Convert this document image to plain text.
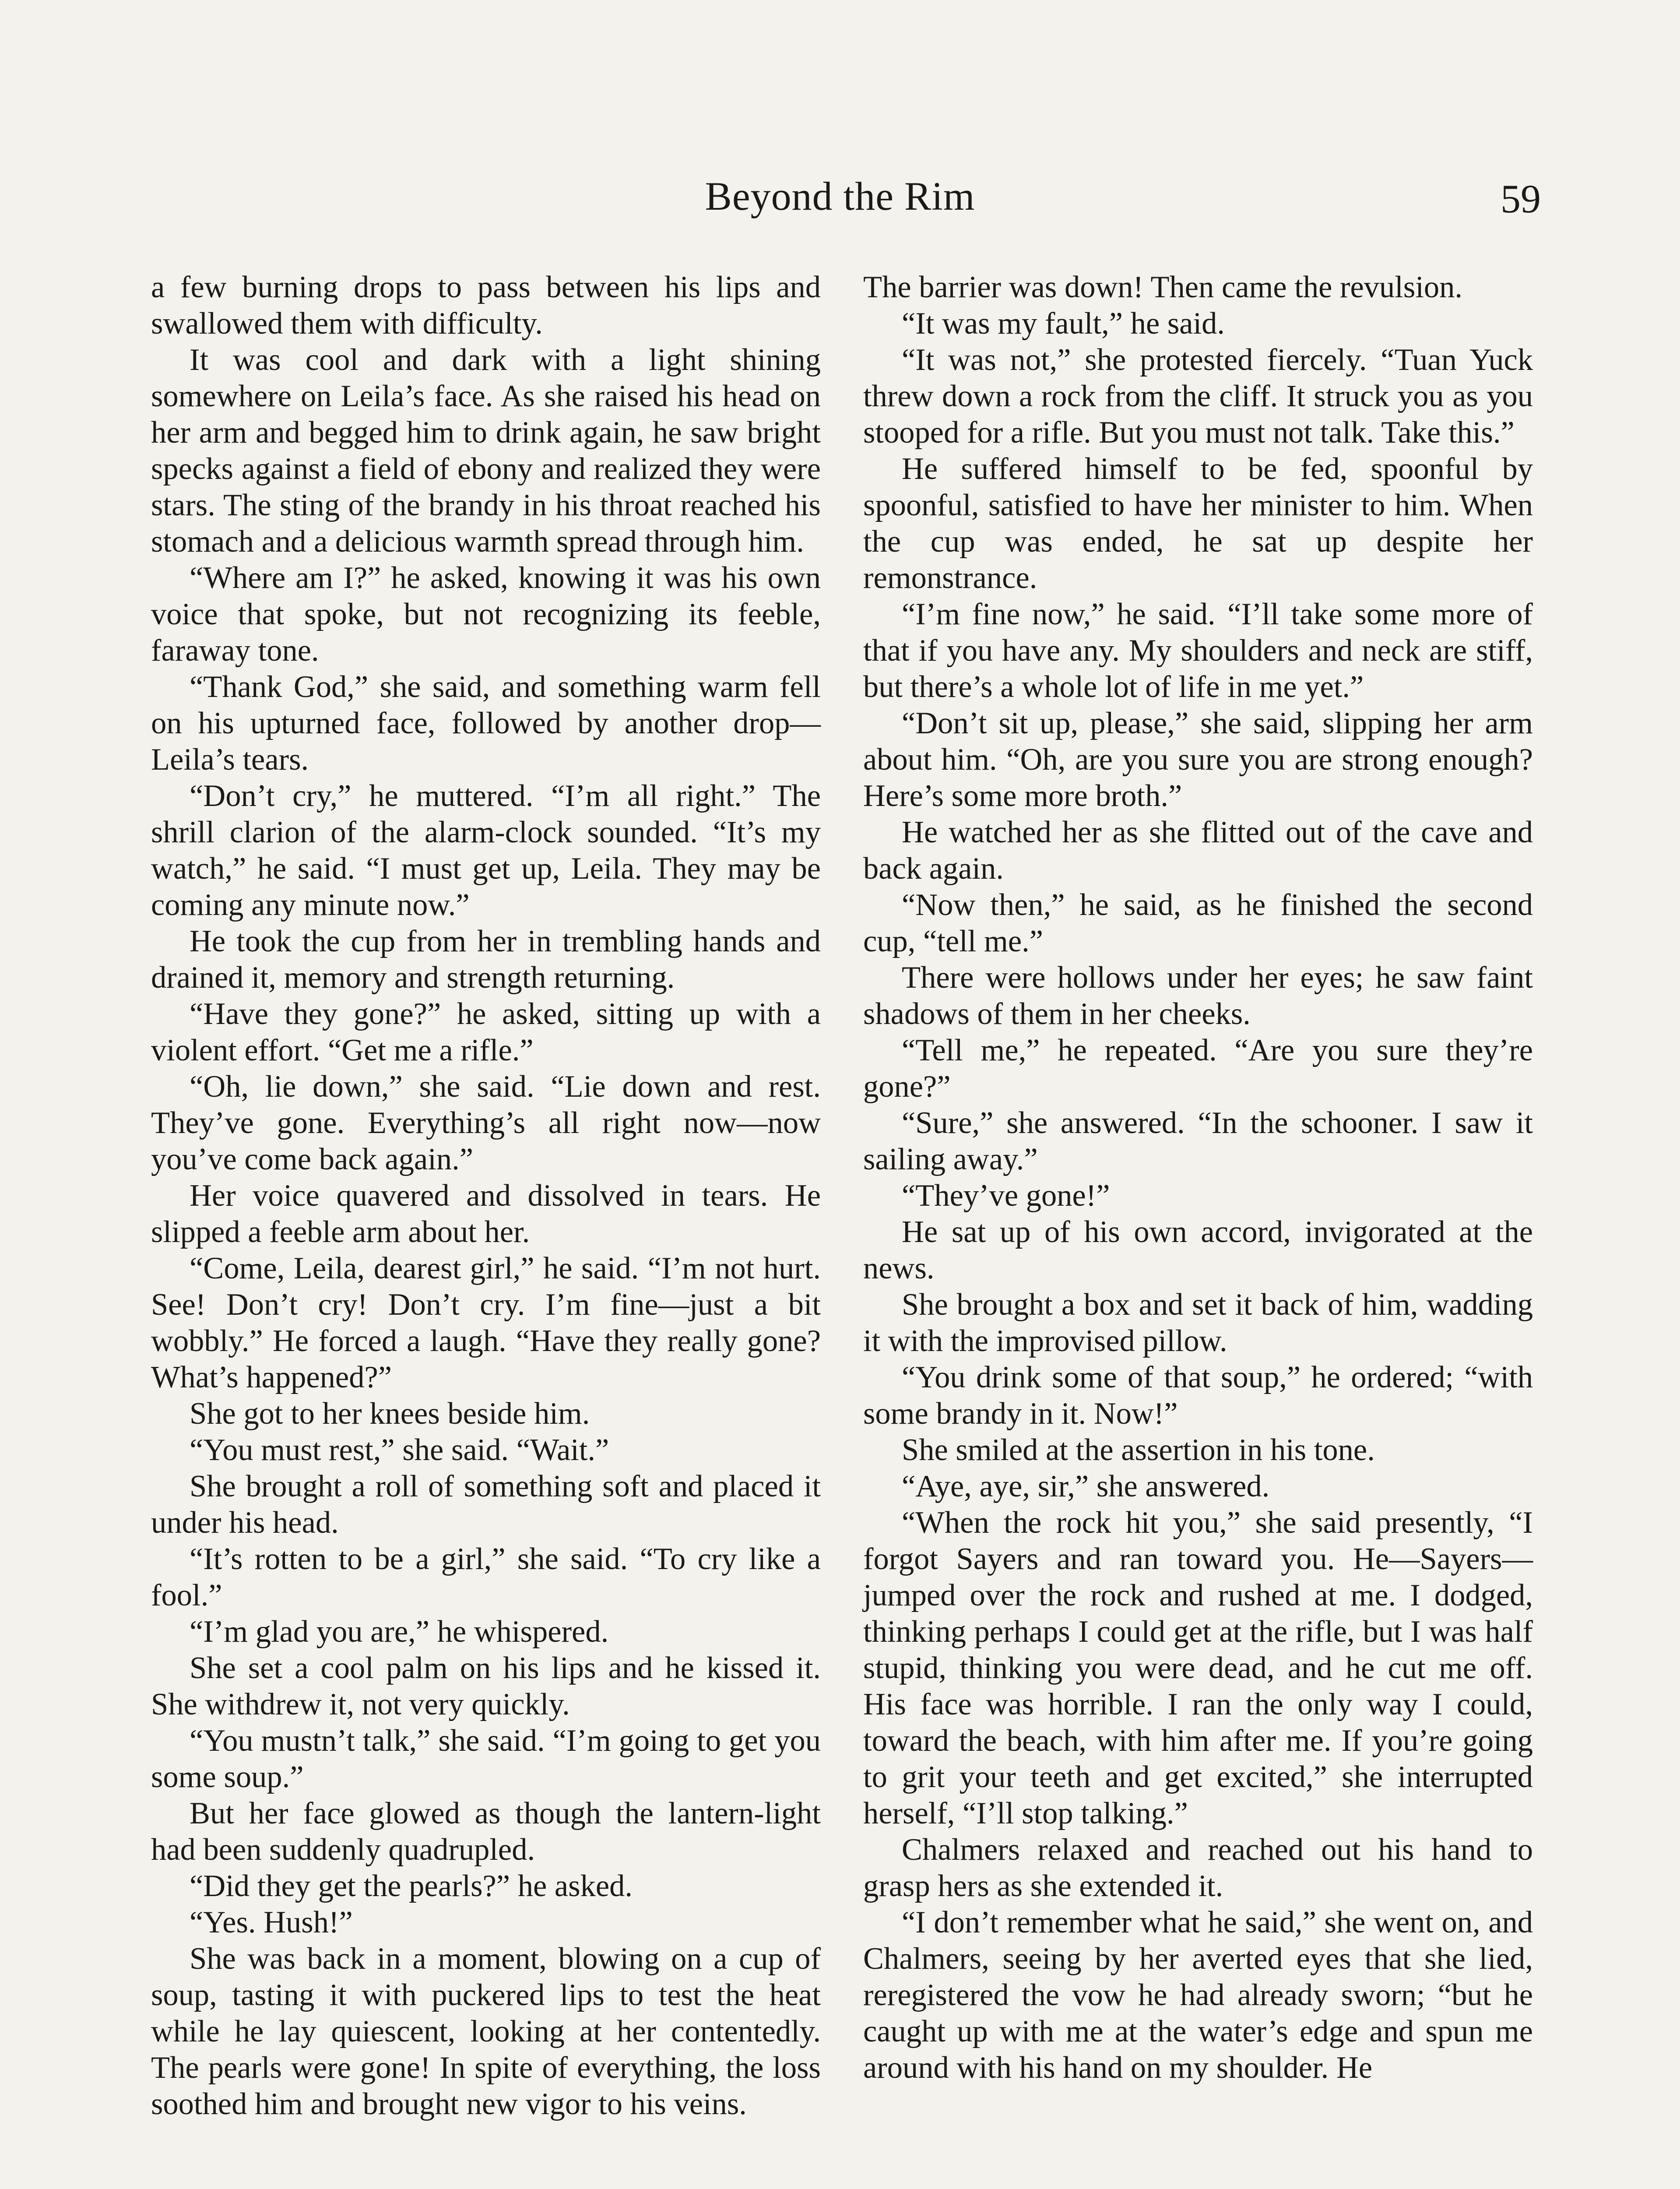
Beyond the Rim	59

a few burning drops to pass between his lips and swallowed them with difficulty.

It was cool and dark with a light shining somewhere on Leila’s face. As she raised his head on her arm and begged him to drink again, he saw bright specks against a field of ebony and realized they were stars. The sting of the brandy in his throat reached his stomach and a delicious warmth spread through him.

“Where am I?” he asked, knowing it was his own voice that spoke, but not recognizing its feeble, faraway tone.

“Thank God,” she said, and something warm fell on his upturned face, followed by another drop—Leila’s tears.

“Don’t cry,” he muttered. “I’m all right.” The shrill clarion of the alarm-clock sounded. “It’s my watch,” he said. “I must get up, Leila. They may be coming any minute now.”

He took the cup from her in trembling hands and drained it, memory and strength returning.

“Have they gone?” he asked, sitting up with a violent effort. “Get me a rifle.”

“Oh, lie down,” she said. “Lie down and rest. They’ve gone. Everything’s all right now—now you’ve come back again.”

Her voice quavered and dissolved in tears. He slipped a feeble arm about her.

“Come, Leila, dearest girl,” he said. “I’m not hurt. See! Don’t cry! Don’t cry. I’m fine—just a bit wobbly.” He forced a laugh. “Have they really gone? What’s happened?”

She got to her knees beside him.

“You must rest,” she said. “Wait.”

She brought a roll of something soft and placed it under his head.

“It’s rotten to be a girl,” she said. “To cry like a fool.”

“I’m glad you are,” he whispered.

She set a cool palm on his lips and he kissed it. She withdrew it, not very quickly.

“You mustn’t talk,” she said. “I’m going to get you some soup.”

But her face glowed as though the lantern-light had been suddenly quadrupled.

“Did they get the pearls?” he asked.

“Yes. Hush!”

She was back in a moment, blowing on a cup of soup, tasting it with puckered lips to test the heat while he lay quiescent, looking at her contentedly. The pearls were gone! In spite of everything, the loss soothed him and brought new vigor to his veins.

The barrier was down! Then came the revulsion.

“It was my fault,” he said.

“It was not,” she protested fiercely. “Tuan Yuck threw down a rock from the cliff. It struck you as you stooped for a rifle. But you must not talk. Take this.”

He suffered himself to be fed, spoonful by spoonful, satisfied to have her minister to him. When the cup was ended, he sat up despite her remonstrance.

“I’m fine now,” he said. “I’ll take some more of that if you have any. My shoulders and neck are stiff, but there’s a whole lot of life in me yet.”

“Don’t sit up, please,” she said, slipping her arm about him. “Oh, are you sure you are strong enough? Here’s some more broth.”

He watched her as she flitted out of the cave and back again.

“Now then,” he said, as he finished the second cup, “tell me.”

There were hollows under her eyes; he saw faint shadows of them in her cheeks.

“Tell me,” he repeated. “Are you sure they’re gone?”

“Sure,” she answered. “In the schooner. I saw it sailing away.”

“They’ve gone!”

He sat up of his own accord, invigorated at the news.

She brought a box and set it back of him, wadding it with the improvised pillow.

“You drink some of that soup,” he ordered; “with some brandy in it. Now!”

She smiled at the assertion in his tone.

“Aye, aye, sir,” she answered.

“When the rock hit you,” she said presently, “I forgot Sayers and ran toward you. He—Sayers—jumped over the rock and rushed at me. I dodged, thinking perhaps I could get at the rifle, but I was half stupid, thinking you were dead, and he cut me off. His face was horrible. I ran the only way I could, toward the beach, with him after me. If you’re going to grit your teeth and get excited,” she interrupted herself, “I’ll stop talking.”

Chalmers relaxed and reached out his hand to grasp hers as she extended it.

“I don’t remember what he said,” she went on, and Chalmers, seeing by her averted eyes that she lied, reregistered the vow he had already sworn; “but he caught up with me at the water’s edge and spun me around with his hand on my shoulder. He
